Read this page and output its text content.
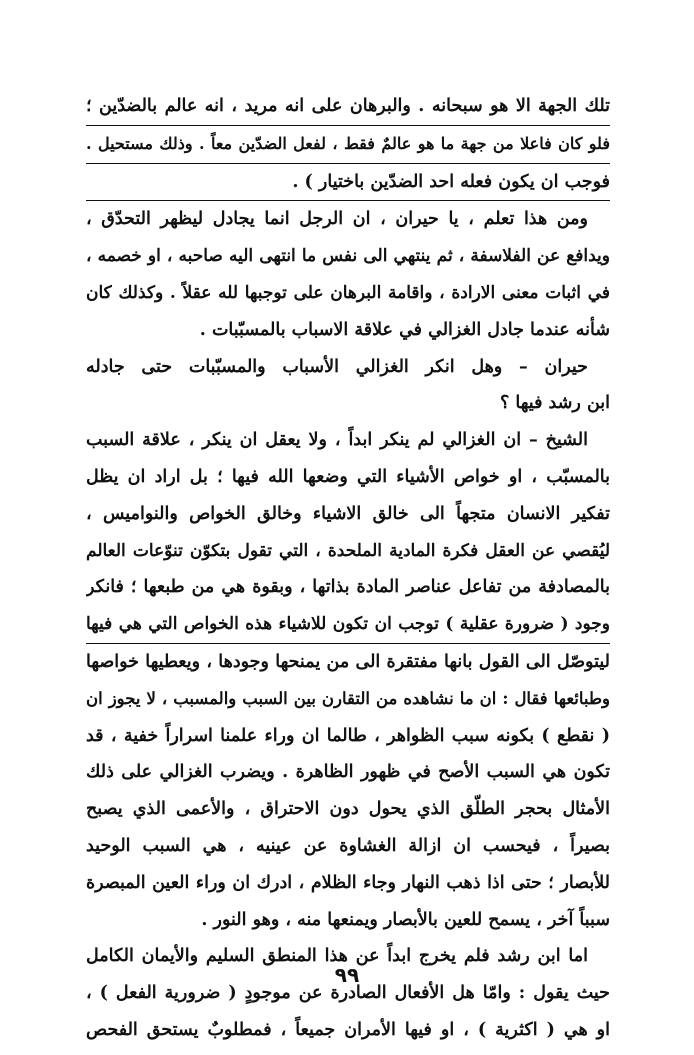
تلك الجهة الا هو سبحانه . والبرهان على انه مريد ، انه عالم بالضدّين ؛
فلو كان فاعلا من جهة ما هو عالمٌ فقط ، لفعل الضدّين معاً . وذلك مستحيل .
فوجب ان يكون فعله احد الضدّين باختيار ) .
ومن هذا تعلم ، يا حيران ، ان الرجل انما يجادل ليظهر التحدّق ،
ويدافع عن الفلاسفة ، ثم ينتهي الى نفس ما انتهى اليه صاحبه ، او خصمه ،
في اثبات معنى الارادة ، واقامة البرهان على توجبها لله عقلاً . وكذلك كان
شأنه عندما جادل الغزالي في علاقة الاسباب بالمسبّبات .
حيران – وهل انكر الغزالي الأسباب والمسبّبات حتى جادله
ابن رشد فيها ؟
الشيخ – ان الغزالي لم ينكر ابداً ، ولا يعقل ان ينكر ، علاقة السبب
بالمسبّب ، او خواص الأشياء التي وضعها الله فيها ؛ بل اراد ان يظل
تفكير الانسان متجهاً الى خالق الاشياء وخالق الخواص والنواميس ،
ليُقصي عن العقل فكرة المادية الملحدة ، التي تقول بتكوّن تنوّعات العالم
بالمصادفة من تفاعل عناصر المادة بذاتها ، وبقوة هي من طبعها ؛ فانكر
وجود ( ضرورة عقلية ) توجب ان تكون للاشياء هذه الخواص التي هي فيها
ليتوصّل الى القول بانها مفتقرة الى من يمنحها وجودها ، ويعطيها خواصها
وطبائعها فقال : ان ما نشاهده من التقارن بين السبب والمسبب ، لا يجوز ان
( نقطع ) بكونه سبب الظواهر ، طالما ان وراء علمنا اسراراً خفية ، قد
تكون هي السبب الأصح في ظهور الظاهرة . ويضرب الغزالي على ذلك
الأمثال بحجر الطلّق الذي يحول دون الاحتراق ، والأعمى الذي يصبح
بصيراً ، فيحسب ان ازالة الغشاوة عن عينيه ، هي السبب الوحيد
للأبصار ؛ حتى اذا ذهب النهار وجاء الظلام ، ادرك ان وراء العين المبصرة
سبباً آخر ، يسمح للعين بالأبصار ويمنعها منه ، وهو النور .
اما ابن رشد فلم يخرج ابداً عن هذا المنطق السليم والأيمان الكامل
حيث يقول : وامّا هل الأفعال الصادرة عن موجودٍ ( ضرورية الفعل ) ،
او هي ( اكثرية ) ، او فيها الأمران جميعاً ، فمطلوبٌ يستحق الفحص
٩٩
